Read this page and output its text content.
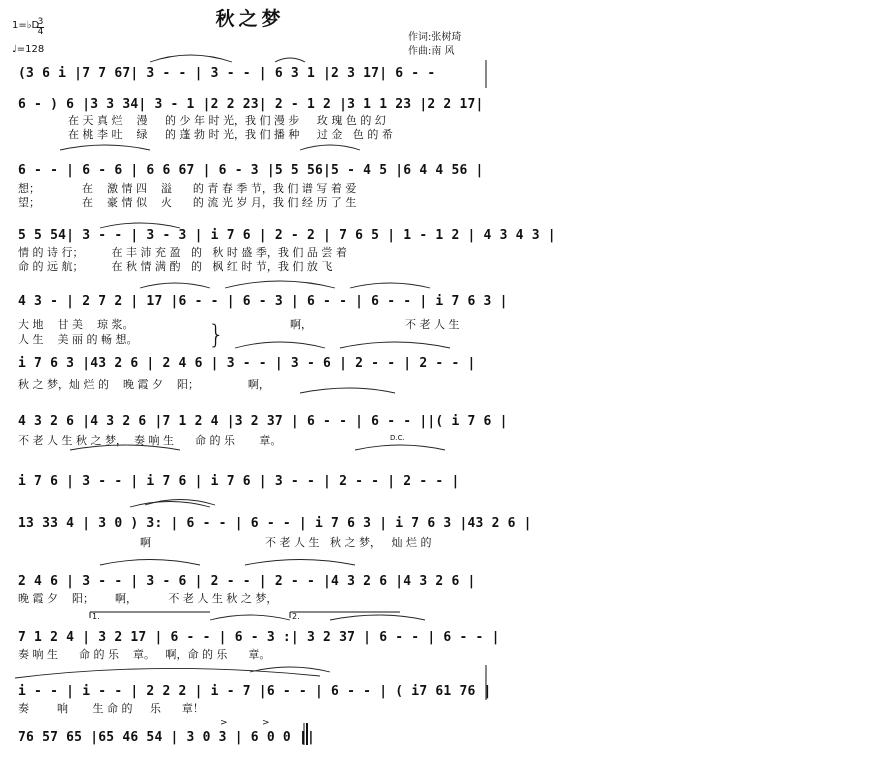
秋之梦
1=♭D
3
4
♩=128
作词:张树琦
作曲:南 风
1.	2.
D.C.
>	>
(3 6 i |7 7 67| 3 - - | 3 - - | 6 3 1 |2 3 17| 6 - -
6 - ) 6 |3 3 34| 3 - 1 |2 2 23| 2 - 1 2 |3 1 1 23 |2 2 17|
在 天 真 烂    漫     的 少 年 时 光，我 们 漫 步     玫 瑰 色 的 幻
在 桃 李 吐    绿     的 蓬 勃 时 光，我 们 播 种     过 金   色 的 希
6 - - | 6 - 6 | 6 6 67 | 6 - 3 |5 5 56|5 - 4 5 |6 4 4 56 |
想；            在    激 情 四    溢      的 青 春 季 节，我 们 谱 写 着 爱
望；            在    豪 情 似    火      的 流 光 岁 月，我 们 经 历 了 生
5 5 54| 3 - - | 3 - 3 | i 7 6 | 2 - 2 | 7 6 5 | 1 - 1 2 | 4 3 4 3 |
情 的 诗 行；        在 丰 沛 充 盈   的   秋 时 盛 季，我 们 品 尝 着
命 的 远 航；        在 秋 情 满 酌   的   枫 红 时 节，我 们 放 飞
4 3 - | 2 7 2 | 17 |6 - - | 6 - 3 | 6 - - | 6 - - | i 7 6 3 |
大 地    甘 美    琼 浆。
人 生    美 丽 的 畅 想。	}	啊，	不 老 人 生
i 7 6 3 |43 2 6 | 2 4 6 | 3 - - | 3 - 6 | 2 - - | 2 - - |
秋 之 梦，灿 烂 的    晚 霞 夕    阳；              啊，
4 3 2 6 |4 3 2 6 |7 1 2 4 |3 2 37 | 6 - - | 6 - - ||( i 7 6 |
不 老 人 生 秋 之 梦，  奏 响 生      命 的 乐       章。
i 7 6 | 3 - - | i 7 6 | i 7 6 | 3 - - | 2 - - | 2 - - |
13 33 4 | 3 0 ) 3: | 6 - - | 6 - - | i 7 6 3 | i 7 6 3 |43 2 6 |
啊	不 老 人 生   秋 之 梦，   灿 烂 的
2 4 6 | 3 - - | 3 - 6 | 2 - - | 2 - - |4 3 2 6 |4 3 2 6 |
晚 霞 夕    阳；      啊，         不 老 人 生 秋 之 梦，
7 1 2 4 | 3 2 17 | 6 - - | 6 - 3 :| 3 2 37 | 6 - - | 6 - - |
奏 响 生      命 的 乐    章。   啊，命 的 乐      章。
i - - | i - - | 2 2 2 | i - 7 |6 - - | 6 - - | ( i7 61 76 |
奏        响       生 命 的     乐      章！
76 57 65 |65 46 54 | 3 0 3 | 6 0 0 ||
